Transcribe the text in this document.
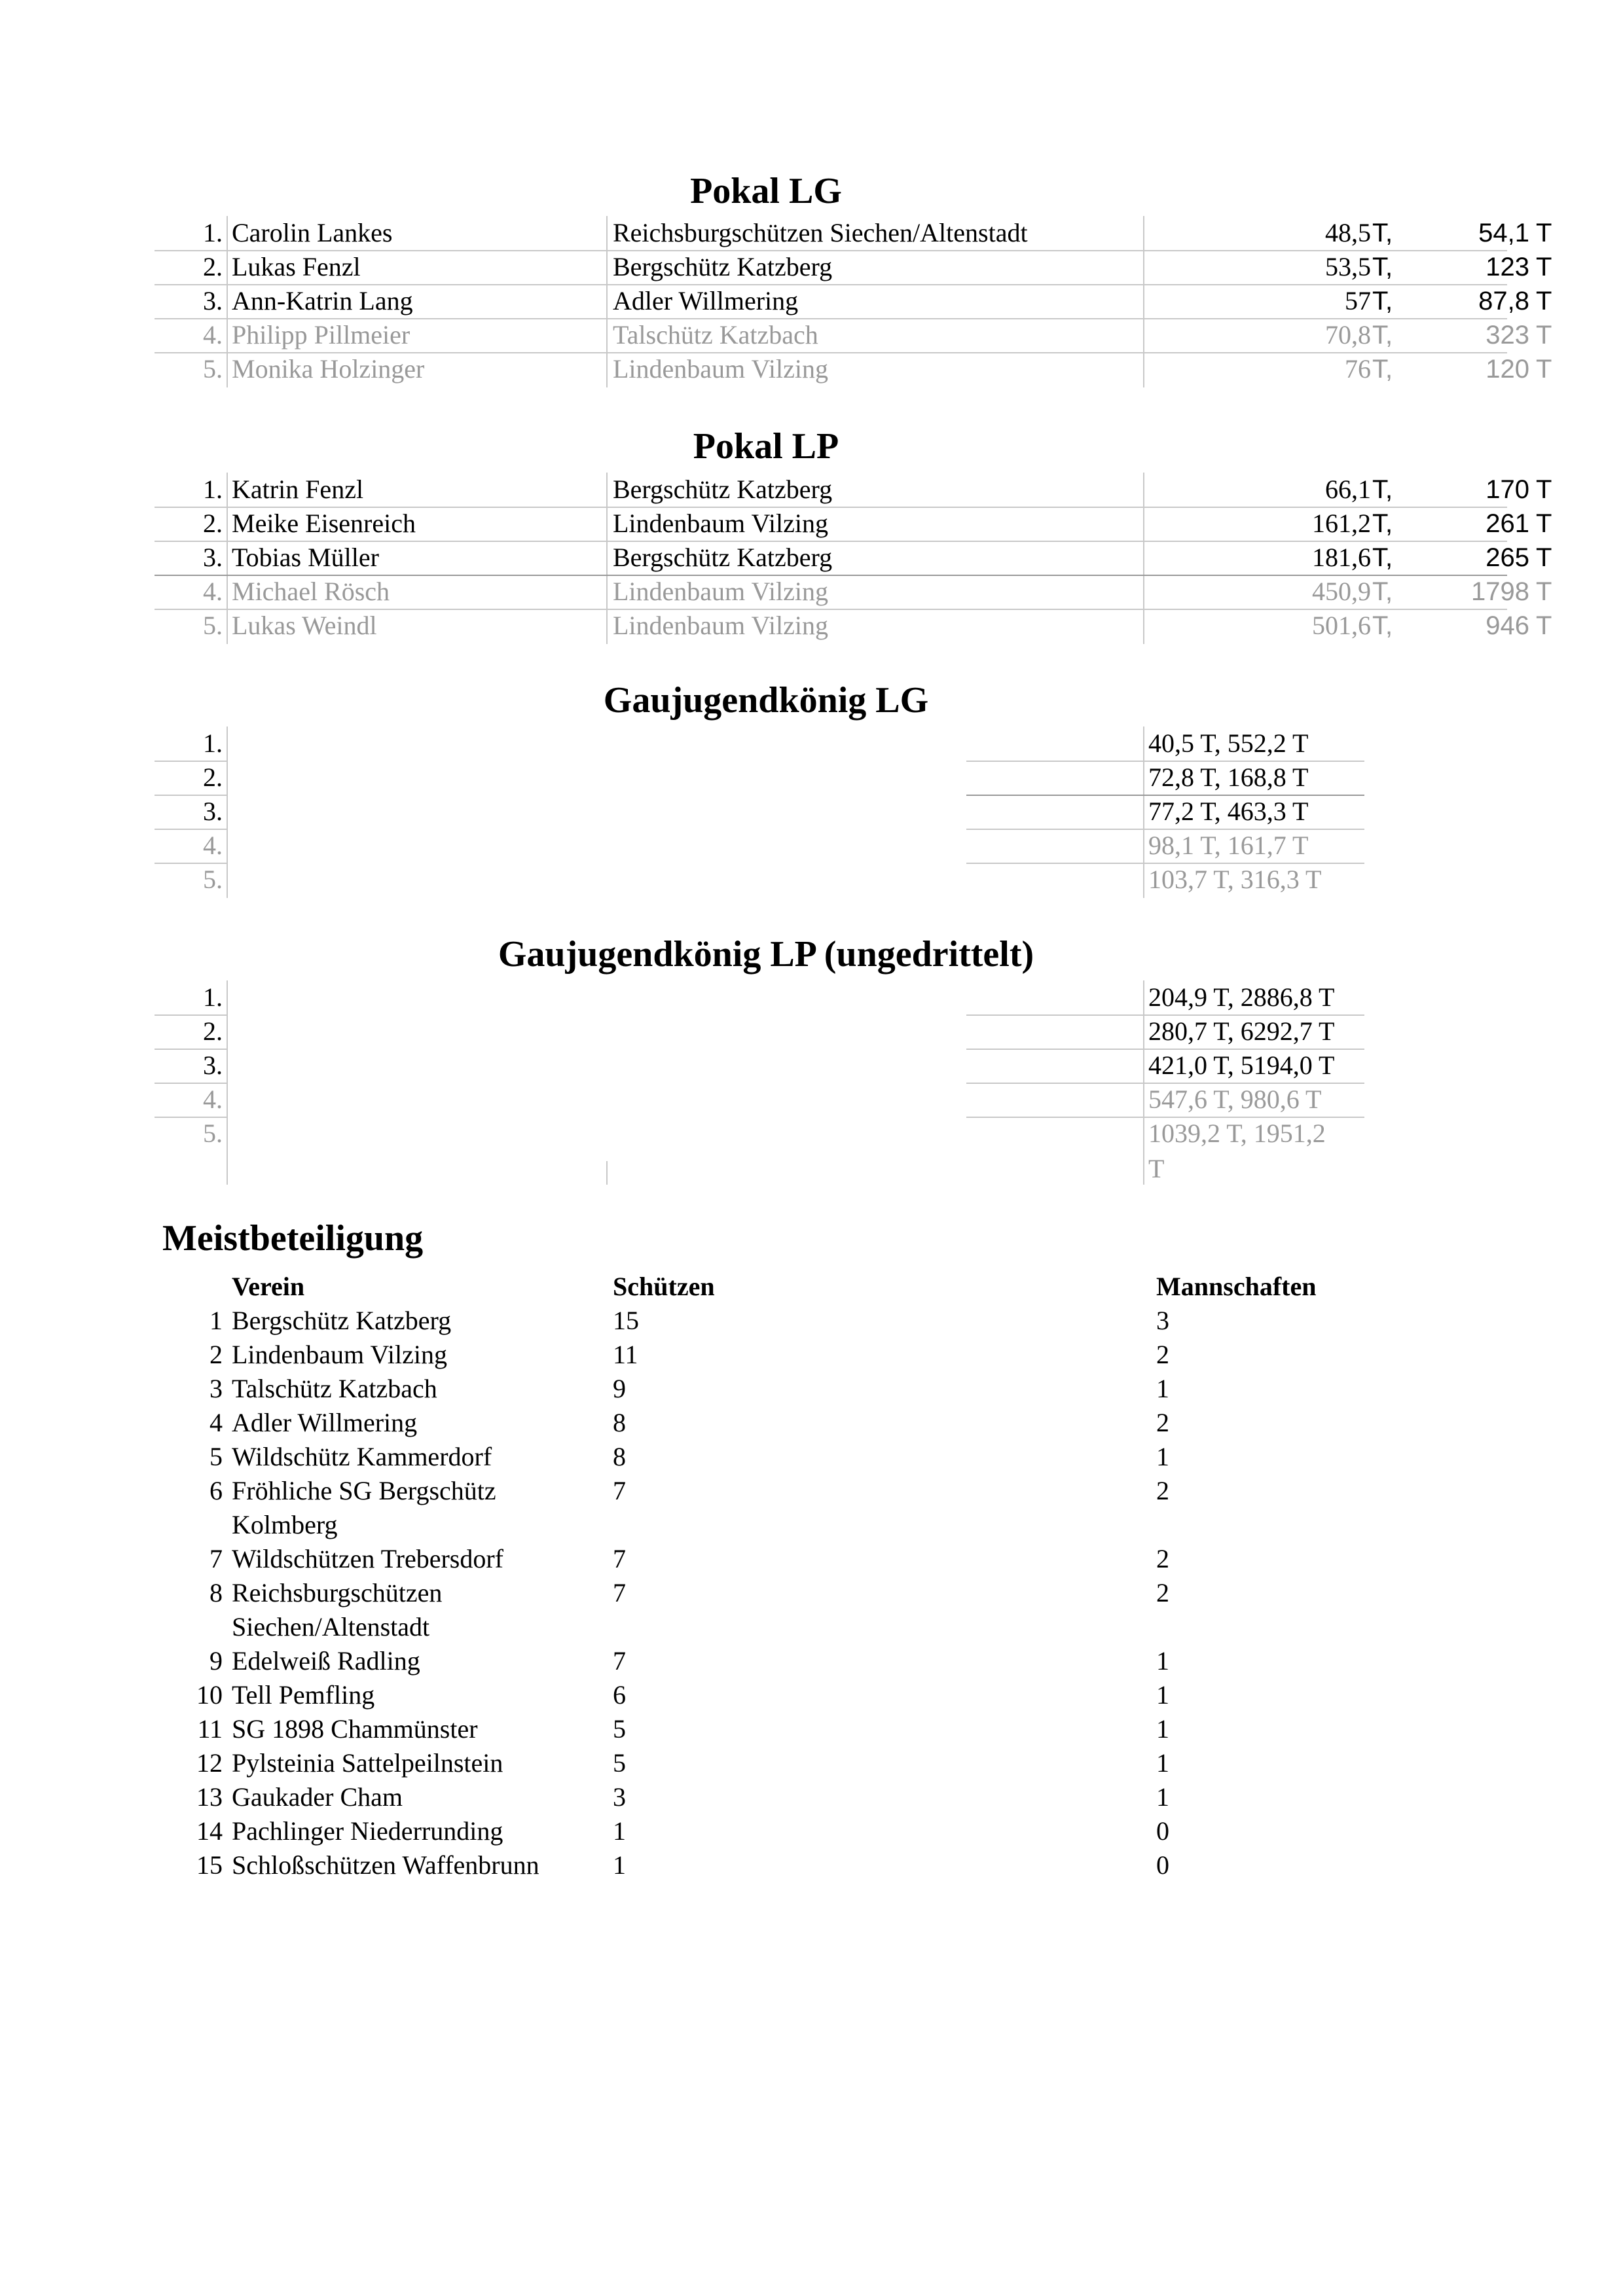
Pokal LG
1. Carolin Lankes	Reichsburgschützen Siechen/Altenstadt	48,5 T,	54,1 T
2. Lukas Fenzl	Bergschütz Katzberg	53,5 T,	123 T
3. Ann-Katrin Lang	Adler Willmering	57 T,	87,8 T
4. Philipp Pillmeier	Talschütz Katzbach	70,8 T,	323 T
5. Monika Holzinger	Lindenbaum Vilzing	76 T,	120 T
Pokal LP
1. Katrin Fenzl	Bergschütz Katzberg	66,1 T,	170 T
2. Meike Eisenreich	Lindenbaum Vilzing	161,2 T,	261 T
3. Tobias Müller	Bergschütz Katzberg	181,6 T,	265 T
4. Michael Rösch	Lindenbaum Vilzing	450,9 T,	1798 T
5. Lukas Weindl	Lindenbaum Vilzing	501,6 T,	946 T
Gaujugendkönig LG
1.	40,5 T, 552,2 T
2.	72,8 T, 168,8 T
3.	77,2 T, 463,3 T
4.	98,1 T, 161,7 T
5.	103,7 T, 316,3 T
Gaujugendkönig LP (ungedrittelt)
1.	204,9 T, 2886,8 T
2.	280,7 T, 6292,7 T
3.	421,0 T, 5194,0 T
4.	547,6 T, 980,6 T
5.	1039,2 T, 1951,2
T
Meistbeteiligung
Verein	Schützen	Mannschaften
1 Bergschütz Katzberg	15	3
2 Lindenbaum Vilzing	11	2
3 Talschütz Katzbach	9	1
4 Adler Willmering	8	2
5 Wildschütz Kammerdorf	8	1
6 Fröhliche SG Bergschütz	7	2
Kolmberg
7 Wildschützen Trebersdorf	7	2
8 Reichsburgschützen	7	2
Siechen/Altenstadt
9 Edelweiß Radling	7	1
10 Tell Pemfling	6	1
11 SG 1898 Chammünster	5	1
12 Pylsteinia Sattelpeilnstein	5	1
13 Gaukader Cham	3	1
14 Pachlinger Niederrunding	1	0
15 Schloßschützen Waffenbrunn	1	0
